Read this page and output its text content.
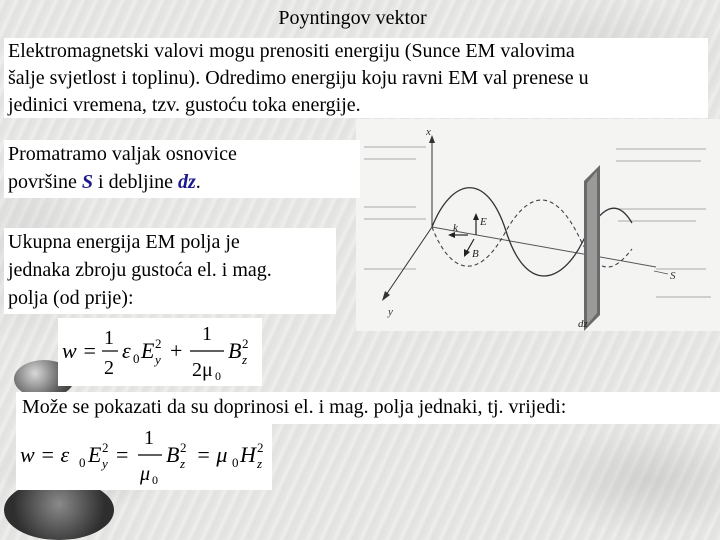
Poyntingov vektor

Elektromagnetski valovi mogu prenositi energiju (Sunce EM valovima

šalje svjetlost i toplinu). Odredimo energiju koju ravni EM val prenese u

jedinici vremena, tzv. gustoću toka energije.

x
y
k E
B
S
dz
Promatramo valjak osnovice
površine S i debljine dz.
Ukupna energija EM polja je
jednaka zbroju gustoća el. i mag.
polja (od prije):
w = 1
2
ε 0 E y
2 +
1
2μ 0
B z
2
Može se pokazati da su doprinosi el. i mag. polja jednaki, tj. vrijedi:
w = ε 0 E y
2 =
1
μ 0
B z
2 = μ 0 H z
2
